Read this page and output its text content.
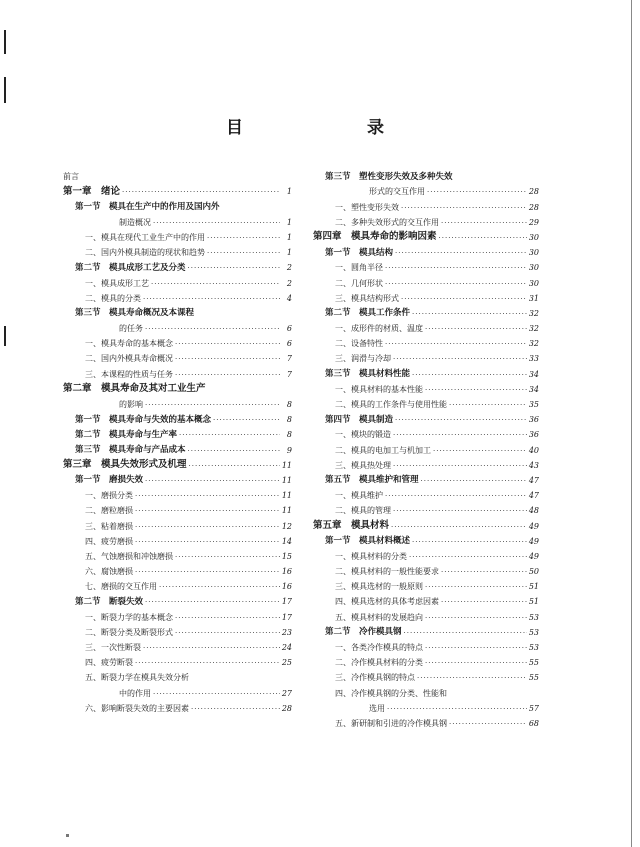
目　　录
前言
第一章　绪论 ·····	1
第一节　模具在生产中的作用及国内外
制造概况 ·····	1
一、模具在现代工业生产中的作用 ·····	1
二、国内外模具制造的现状和趋势 ·····	1
第二节　模具成形工艺及分类 ·····	2
一、模具成形工艺 ·····	2
二、模具的分类 ·····	4
第三节　模具寿命概况及本课程
的任务 ·····	6
一、模具寿命的基本概念 ·····	6
二、国内外模具寿命概况 ·····	7
三、本课程的性质与任务 ·····	7
第二章　模具寿命及其对工业生产
的影响 ·····	8
第一节　模具寿命与失效的基本概念 ·····	8
第二节　模具寿命与生产率 ·····	8
第三节　模具寿命与产品成本 ·····	9
第三章　模具失效形式及机理 ·····	11
第一节　磨损失效 ·····	11
一、磨损分类 ·····	11
二、磨粒磨损 ·····	11
三、粘着磨损 ·····	12
四、疲劳磨损 ·····	14
五、气蚀磨损和冲蚀磨损 ·····	15
六、腐蚀磨损 ·····	16
七、磨损的交互作用 ·····	16
第二节　断裂失效 ·····	17
一、断裂力学的基本概念 ·····	17
二、断裂分类及断裂形式 ·····	23
三、一次性断裂 ·····	24
四、疲劳断裂 ·····	25
五、断裂力学在模具失效分析
中的作用 ·····	27
六、影响断裂失效的主要因素 ·····	28
第三节　塑性变形失效及多种失效
形式的交互作用 ·····	28
一、塑性变形失效 ·····	28
二、多种失效形式的交互作用 ·····	29
第四章　模具寿命的影响因素 ·····	30
第一节　模具结构 ·····	30
一、圆角半径 ·····	30
二、几何形状 ·····	30
三、模具结构形式 ·····	31
第二节　模具工作条件 ·····	32
一、成形件的材质、温度 ·····	32
二、设备特性 ·····	32
三、润滑与冷却 ·····	33
第三节　模具材料性能 ·····	34
一、模具材料的基本性能 ·····	34
二、模具的工作条件与使用性能 ·····	35
第四节　模具制造 ·····	36
一、模块的锻造 ·····	36
二、模具的电加工与机加工 ·····	40
三、模具热处理 ·····	43
第五节　模具维护和管理 ·····	47
一、模具维护 ·····	47
二、模具的管理 ·····	48
第五章　模具材料 ·····	49
第一节　模具材料概述 ·····	49
一、模具材料的分类 ·····	49
二、模具材料的一般性能要求 ·····	50
三、模具选材的一般原则 ·····	51
四、模具选材的具体考虑因素 ·····	51
五、模具材料的发展趋向 ·····	53
第二节　冷作模具钢 ·····	53
一、各类冷作模具的特点 ·····	53
二、冷作模具材料的分类 ·····	55
三、冷作模具钢的特点 ·····	55
四、冷作模具钢的分类、性能和
选用 ·····	57
五、新研制和引进的冷作模具钢 ·····	68
